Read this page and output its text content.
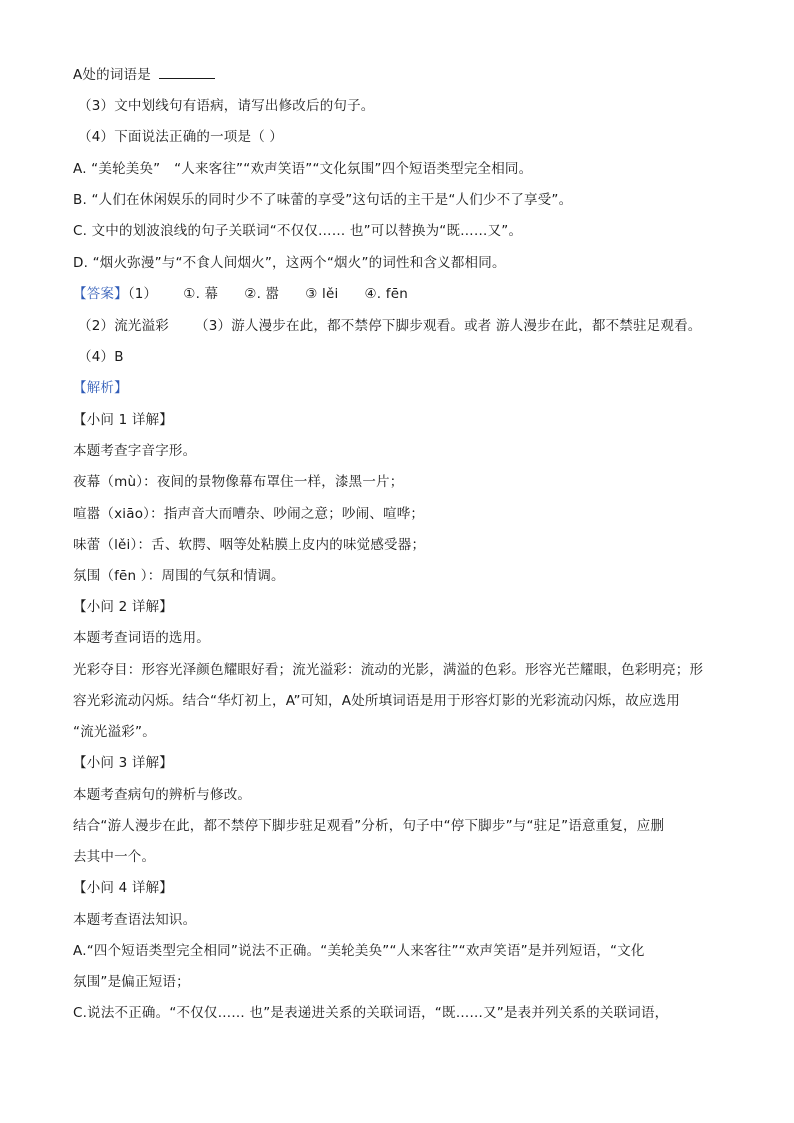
A处的词语是
（3）文中划线句有语病，请写出修改后的句子。
（4）下面说法正确的一项是（ ）
A. “美轮美奂”　“人来客往”“欢声笑语”“文化氛围”四个短语类型完全相同。
B. “人们在休闲娱乐的同时少不了味蕾的享受”这句话的主干是“人们少不了享受”。
C. 文中的划波浪线的句子关联词“不仅仅…… 也”可以替换为“既……又”。
D. “烟火弥漫”与“不食人间烟火”，这两个“烟火”的词性和含义都相同。
【答案】（1） ①. 幕 ②. 嚣 ③ lěi ④. fēn
（2）流光溢彩 （3）游人漫步在此，都不禁停下脚步观看。或者 游人漫步在此，都不禁驻足观看。
（4）B
【解析】
【小问 1 详解】
本题考查字音字形。
夜幕（mù）：夜间的景物像幕布罩住一样，漆黑一片；
喧嚣（xiāo）：指声音大而嘈杂、吵闹之意；吵闹、喧哗；
味蕾（lěi）：舌、软腭、咽等处粘膜上皮内的味觉感受器；
氛围（fēn ）：周围的气氛和情调。
【小问 2 详解】
本题考查词语的选用。
光彩夺目：形容光泽颜色耀眼好看；流光溢彩：流动的光影，满溢的色彩。形容光芒耀眼，色彩明亮；形
容光彩流动闪烁。结合“华灯初上，A”可知，A处所填词语是用于形容灯影的光彩流动闪烁，故应选用
“流光溢彩”。
【小问 3 详解】
本题考查病句的辨析与修改。
结合“游人漫步在此，都不禁停下脚步驻足观看”分析，句子中“停下脚步”与“驻足”语意重复，应删
去其中一个。
【小问 4 详解】
本题考查语法知识。
A.“四个短语类型完全相同”说法不正确。“美轮美奂”“人来客往”“欢声笑语”是并列短语，“文化
氛围”是偏正短语；
C.说法不正确。“不仅仅…… 也”是表递进关系的关联词语，“既……又”是表并列关系的关联词语，
